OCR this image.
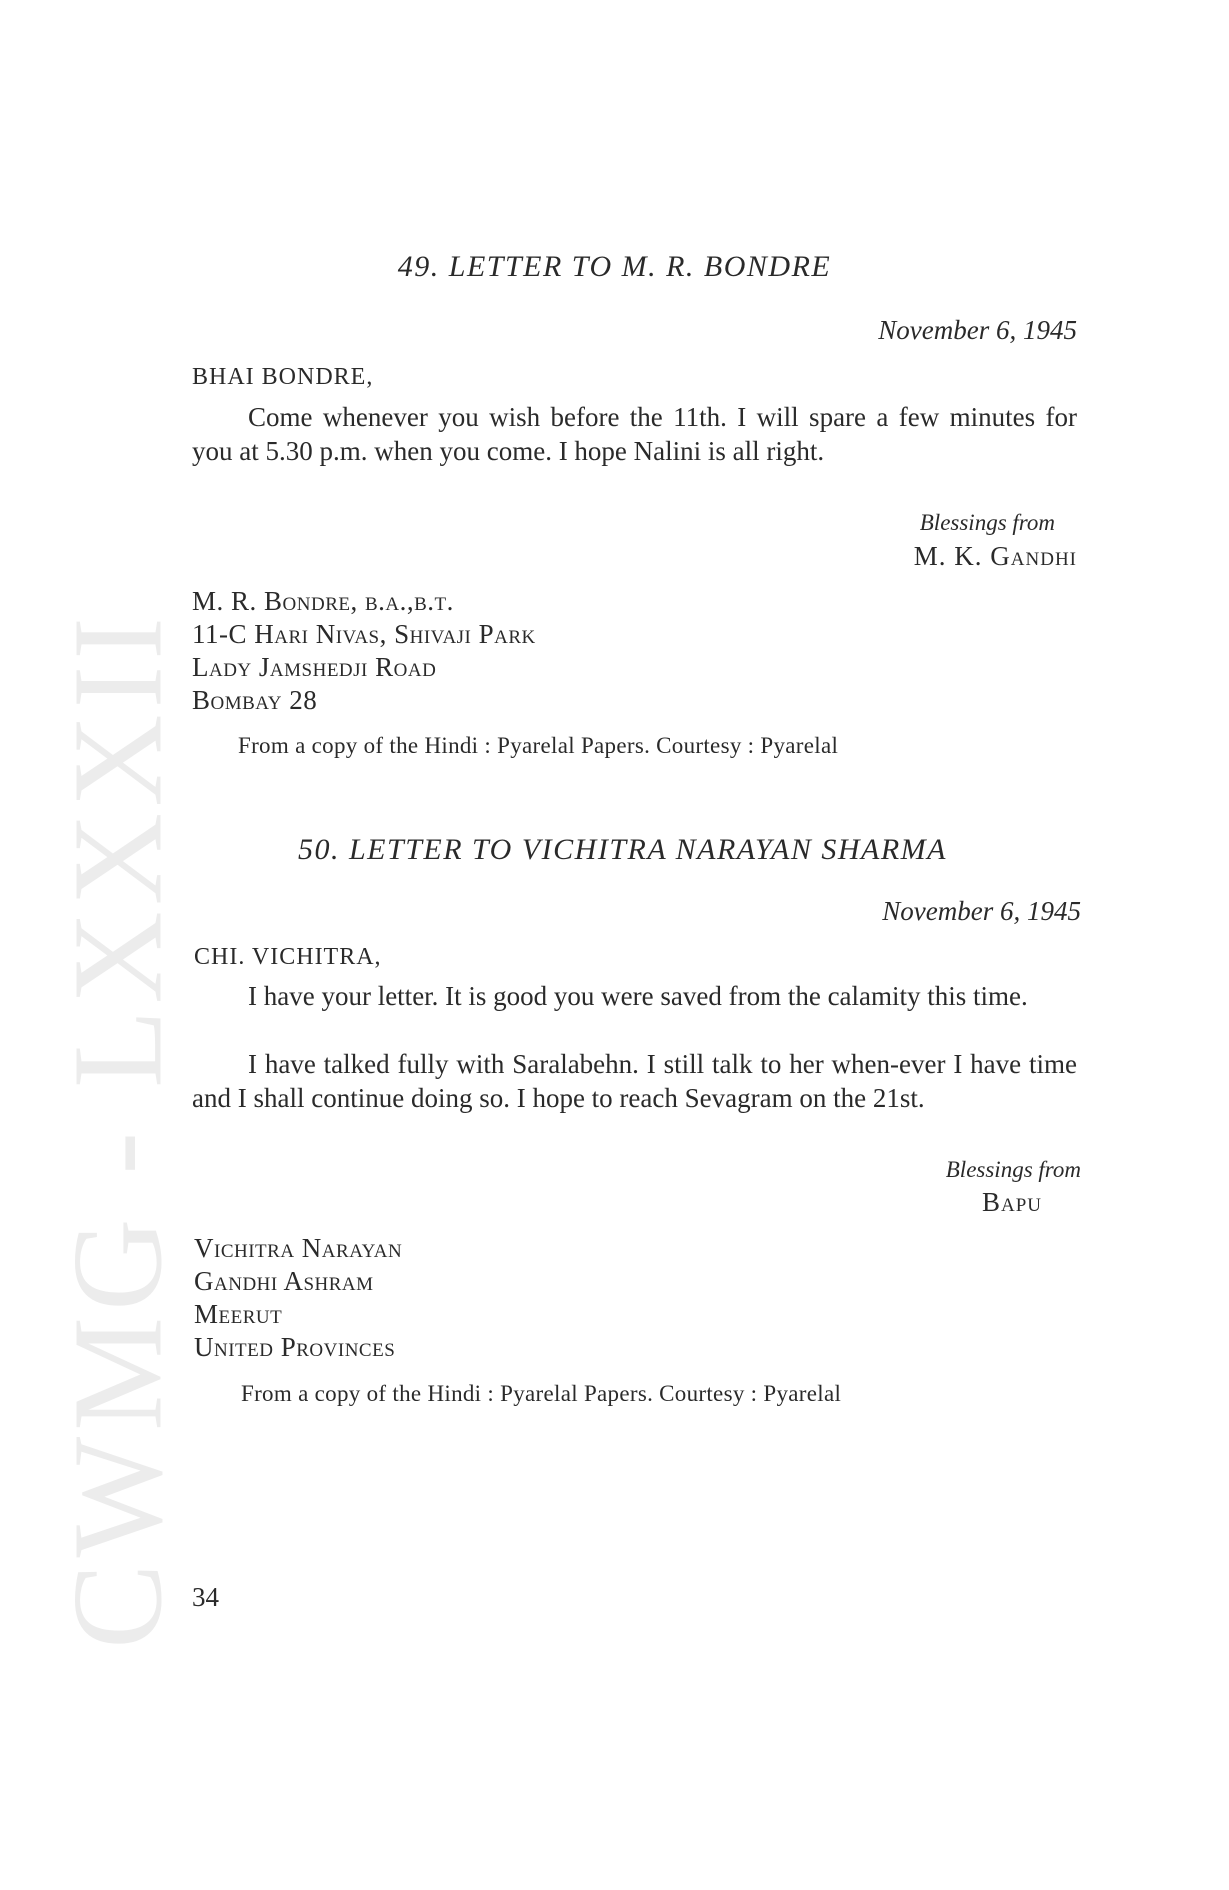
CWMG - LXXXII
49. LETTER TO M. R. BONDRE
November 6, 1945
BHAI BONDRE,
Come whenever you wish before the 11th. I will spare a few minutes for you at 5.30 p.m. when you come. I hope Nalini is all right.
Blessings from
M. K. Gandhi
M. R. Bondre, b.a.,b.t.
11-C Hari Nivas, Shivaji Park
Lady Jamshedji Road
Bombay 28
From a copy of the Hindi : Pyarelal Papers. Courtesy : Pyarelal
50. LETTER TO VICHITRA NARAYAN SHARMA
November 6, 1945
CHI. VICHITRA,
I have your letter. It is good you were saved from the calamity this time.
I have talked fully with Saralabehn. I still talk to her when-ever I have time and I shall continue doing so. I hope to reach Sevagram on the 21st.
Blessings from
Bapu
Vichitra Narayan
Gandhi Ashram
Meerut
United Provinces
From a copy of the Hindi : Pyarelal Papers. Courtesy : Pyarelal
34
